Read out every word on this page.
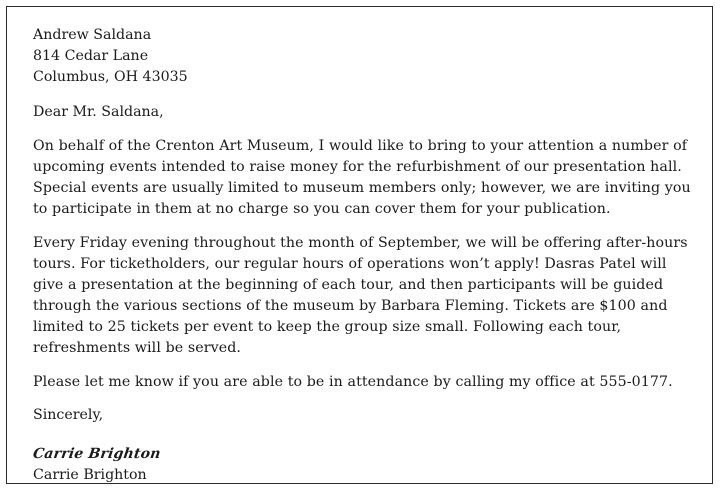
Andrew Saldana

814 Cedar Lane

Columbus, OH 43035

Dear Mr. Saldana,

On behalf of the Crenton Art Museum, I would like to bring to your attention a number of upcoming events intended to raise money for the refurbishment of our presentation hall. Special events are usually limited to museum members only; however, we are inviting you to participate in them at no charge so you can cover them for your publication.

Every Friday evening throughout the month of September, we will be offering after-hours tours. For ticketholders, our regular hours of operations won’t apply! Dasras Patel will give a presentation at the beginning of each tour, and then participants will be guided through the various sections of the museum by Barbara Fleming. Tickets are $100 and limited to 25 tickets per event to keep the group size small. Following each tour, refreshments will be served.

Please let me know if you are able to be in attendance by calling my office at 555-0177.

Sincerely,

Carrie Brighton

Carrie Brighton
